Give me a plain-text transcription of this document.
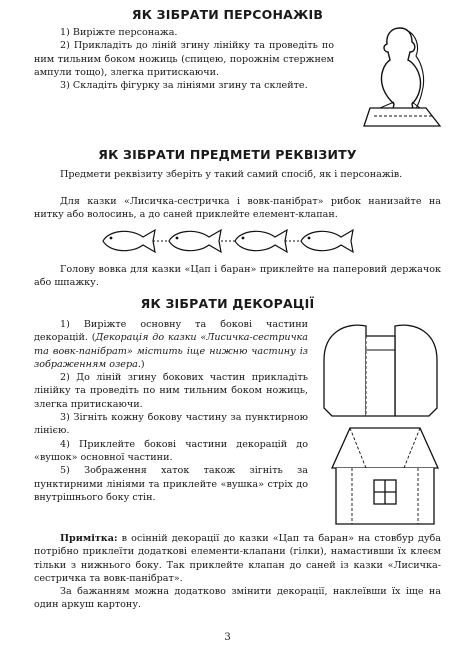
ЯК ЗІБРАТИ ПЕРСОНАЖІВ
1) Виріжте персонажа.
2) Прикладіть до ліній згину лінійку та проведіть по ним тильним боком ножиць (спицею, порожнім стержнем ампули тощо), злегка притискаючи.
3) Складіть фігурку за лініями згину та склейте.
ЯК ЗІБРАТИ ПРЕДМЕТИ РЕКВІЗИТУ
Предмети реквізиту зберіть у такий самий спосіб, як і персонажів.
Для казки «Лисичка-сестричка і вовк-панібрат» рибок нанизайте на нитку або волосинь, а до саней приклейте елемент-клапан.
Голову вовка для казки «Цап і баран» приклейте на паперовий держачок або шпажку.
ЯК ЗІБРАТИ ДЕКОРАЦІЇ
1) Виріжте основну та бокові частини декорацій. (Декорація до казки «Лисичка-сестричка та вовк-панібрат» містить іще нижню частину із зображенням озера.)
2) До ліній згину бокових частин прикладіть лінійку та проведіть по ним тильним боком ножиць, злегка притискаючи.
3) Зігніть кожну бокову частину за пунктирною лінією.
4) Приклейте бокові частини декорацій до «вушок» основної частини.
5) Зображення хаток також зігніть за пунктирними лініями та приклейте «вушка» стріх до внутрішнього боку стін.
Примітка: в осінній декорації до казки «Цап та баран» на стовбур дуба потрібно приклеїти додаткові елементи-клапани (гілки), намастивши їх клеєм тільки з нижнього боку. Так приклейте клапан до саней із казки «Лисичка-сестричка та вовк-панібрат».
За бажанням можна додатково змінити декорації, наклеївши їх іще на один аркуш картону.
3
